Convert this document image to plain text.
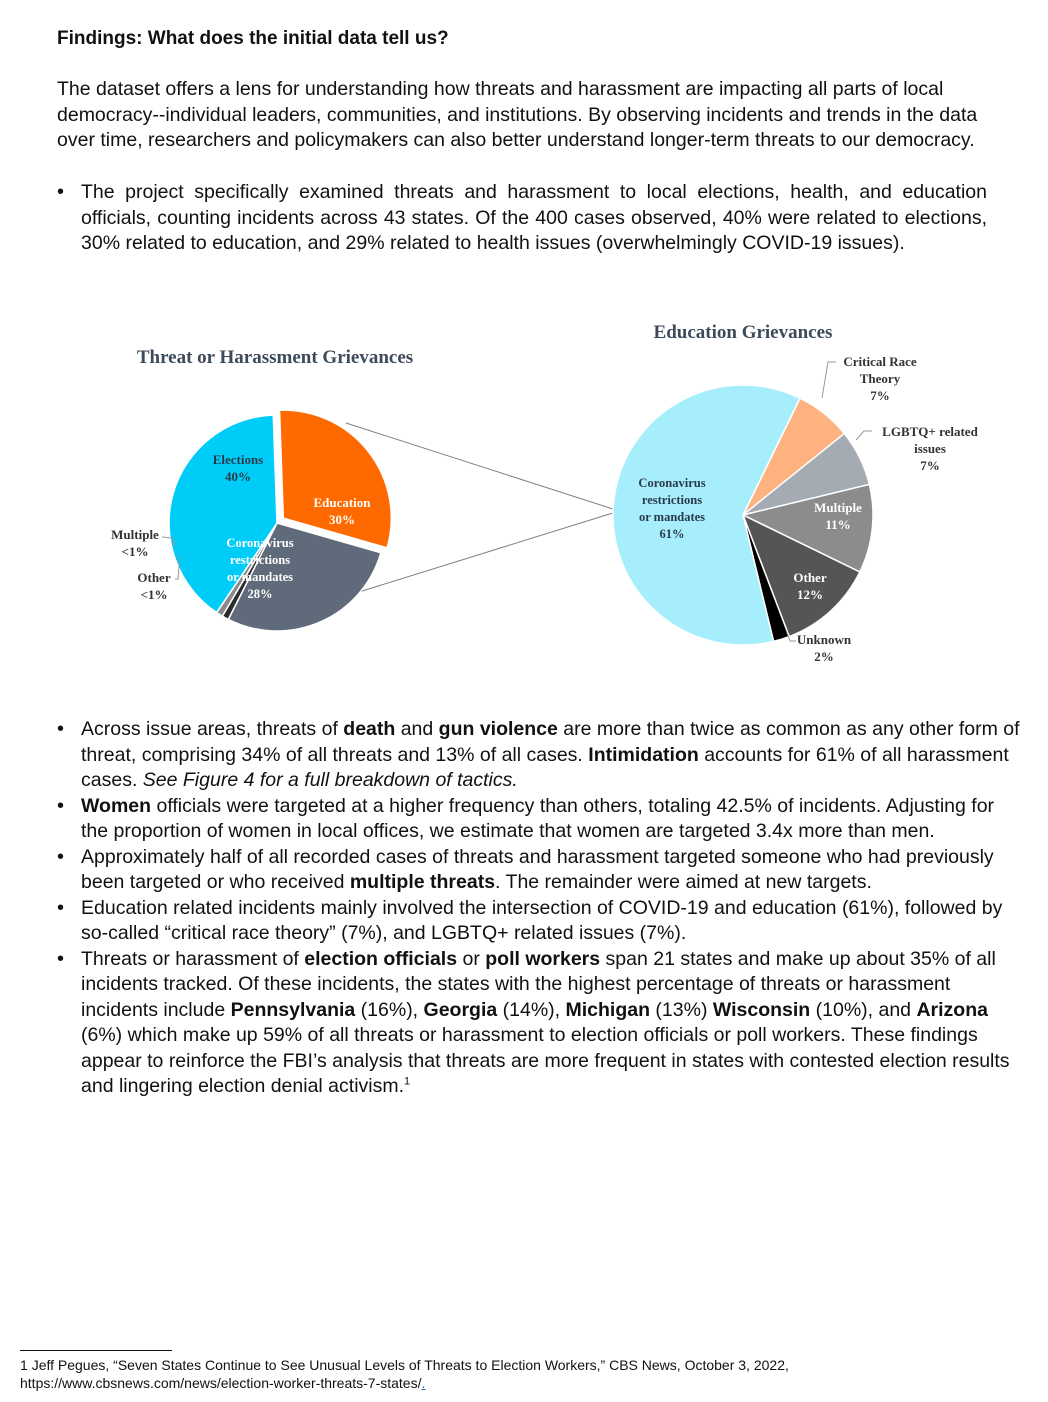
Findings: What does the initial data tell us?
The dataset offers a lens for understanding how threats and harassment are impacting all parts of local democracy--individual leaders, communities, and institutions. By observing incidents and trends in the data over time, researchers and policymakers can also better understand longer-term threats to our democracy.
• The project specifically examined threats and harassment to local elections, health, and education officials, counting incidents across 43 states. Of the 400 cases observed, 40% were related to elections, 30% related to education, and 29% related to health issues (overwhelmingly COVID-19 issues).
Threat or Harassment Grievances
Education Grievances
Elections 40%
Education 30%
Coronavirus restrictions or mandates 28%
Multiple <1%
Other <1%
Coronavirus restrictions or mandates 61%
Multiple 11%
Other 12%
Critical Race Theory 7%
LGBTQ+ related issues 7%
Unknown 2%
• Across issue areas, threats of death and gun violence are more than twice as common as any other form of threat, comprising 34% of all threats and 13% of all cases. Intimidation accounts for 61% of all harassment cases. See Figure 4 for a full breakdown of tactics.
• Women officials were targeted at a higher frequency than others, totaling 42.5% of incidents. Adjusting for the proportion of women in local offices, we estimate that women are targeted 3.4x more than men.
• Approximately half of all recorded cases of threats and harassment targeted someone who had previously been targeted or who received multiple threats. The remainder were aimed at new targets.
• Education related incidents mainly involved the intersection of COVID-19 and education (61%), followed by so-called “critical race theory” (7%), and LGBTQ+ related issues (7%).
• Threats or harassment of election officials or poll workers span 21 states and make up about 35% of all incidents tracked. Of these incidents, the states with the highest percentage of threats or harassment incidents include Pennsylvania (16%), Georgia (14%), Michigan (13%) Wisconsin (10%), and Arizona (6%) which make up 59% of all threats or harassment to election officials or poll workers. These findings appear to reinforce the FBI’s analysis that threats are more frequent in states with contested election results and lingering election denial activism.$^1$
1 Jeff Pegues, “Seven States Continue to See Unusual Levels of Threats to Election Workers,” CBS News, October 3, 2022, https://www.cbsnews.com/news/election-worker-threats-7-states/.
